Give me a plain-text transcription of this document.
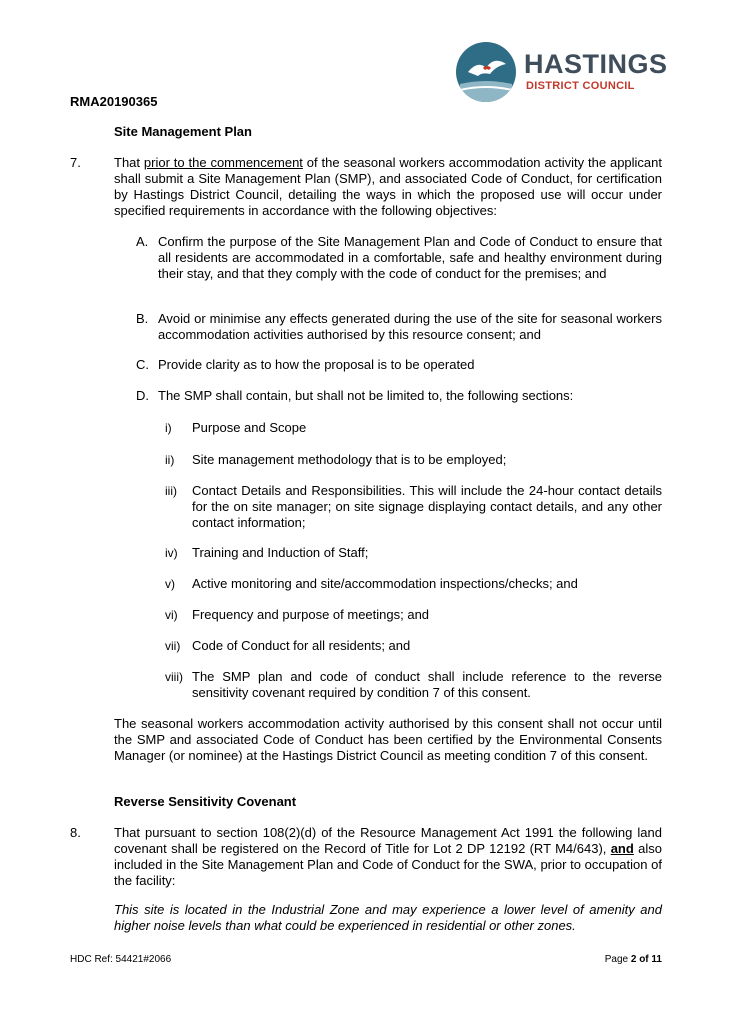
HASTINGS
DISTRICT COUNCIL
RMA20190365
Site Management Plan
7.	That prior to the commencement of the seasonal workers accommodation activity the applicant shall submit a Site Management Plan (SMP), and associated Code of Conduct, for certification by Hastings District Council, detailing the ways in which the proposed use will occur under specified requirements in accordance with the following objectives:
A. Confirm the purpose of the Site Management Plan and Code of Conduct to ensure that all residents are accommodated in a comfortable, safe and healthy environment during their stay, and that they comply with the code of conduct for the premises; and
B. Avoid or minimise any effects generated during the use of the site for seasonal workers accommodation activities authorised by this resource consent; and
C. Provide clarity as to how the proposal is to be operated
D. The SMP shall contain, but shall not be limited to, the following sections:
i)	Purpose and Scope
ii)	Site management methodology that is to be employed;
iii)	Contact Details and Responsibilities. This will include the 24-hour contact details for the on site manager; on site signage displaying contact details, and any other contact information;
iv)	Training and Induction of Staff;
v)	Active monitoring and site/accommodation inspections/checks; and
vi)	Frequency and purpose of meetings; and
vii) Code of Conduct for all residents; and
viii) The SMP plan and code of conduct shall include reference to the reverse sensitivity covenant required by condition 7 of this consent.
The seasonal workers accommodation activity authorised by this consent shall not occur until the SMP and associated Code of Conduct has been certified by the Environmental Consents Manager (or nominee) at the Hastings District Council as meeting condition 7 of this consent.
Reverse Sensitivity Covenant
8.	That pursuant to section 108(2)(d) of the Resource Management Act 1991 the following land covenant shall be registered on the Record of Title for Lot 2 DP 12192 (RT M4/643), and also included in the Site Management Plan and Code of Conduct for the SWA, prior to occupation of the facility:
This site is located in the Industrial Zone and may experience a lower level of amenity and higher noise levels than what could be experienced in residential or other zones.
HDC Ref: 54421#2066	Page 2 of 11
